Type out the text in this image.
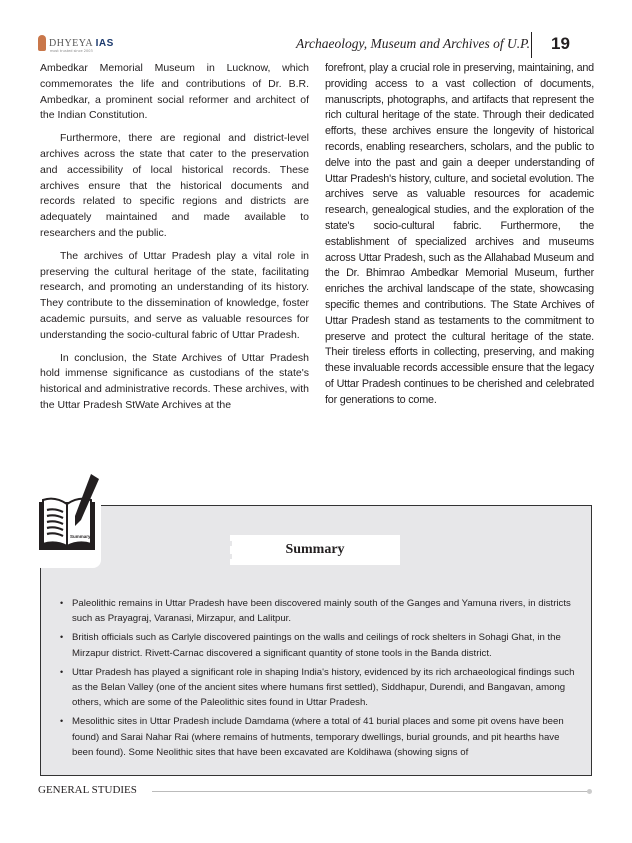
DHYEYA IAS
most trusted since 2003	Archaeology, Museum and Archives of U.P. 19

Ambedkar Memorial Museum in Lucknow, which commemorates the life and contributions of Dr. B.R. Ambedkar, a prominent social reformer and architect of the Indian Constitution.

Furthermore, there are regional and district-level archives across the state that cater to the preservation and accessibility of local historical records. These archives ensure that the historical documents and records related to specific regions and districts are adequately maintained and made available to researchers and the public.

The archives of Uttar Pradesh play a vital role in preserving the cultural heritage of the state, facilitating research, and promoting an understanding of its history. They contribute to the dissemination of knowledge, foster academic pursuits, and serve as valuable resources for understanding the socio-cultural fabric of Uttar Pradesh.

In conclusion, the State Archives of Uttar Pradesh hold immense significance as custodians of the state's historical and administrative records. These archives, with the Uttar Pradesh StWate Archives at the

forefront, play a crucial role in preserving, maintaining, and providing access to a vast collection of documents, manuscripts, photographs, and artifacts that represent the rich cultural heritage of the state. Through their dedicated efforts, these archives ensure the longevity of historical records, enabling researchers, scholars, and the public to delve into the past and gain a deeper understanding of Uttar Pradesh's history, culture, and societal evolution. The archives serve as valuable resources for academic research, genealogical studies, and the exploration of the state's socio-cultural fabric. Furthermore, the establishment of specialized archives and museums across Uttar Pradesh, such as the Allahabad Museum and the Dr. Bhimrao Ambedkar Memorial Museum, further enriches the archival landscape of the state, showcasing specific themes and contributions. The State Archives of Uttar Pradesh stand as testaments to the commitment to preserve and protect the cultural heritage of the state. Their tireless efforts in collecting, preserving, and making these invaluable records accessible ensure that the legacy of Uttar Pradesh continues to be cherished and celebrated for generations to come.

Summary
Summary
• Paleolithic remains in Uttar Pradesh have been discovered mainly south of the Ganges and Yamuna rivers, in districts such as Prayagraj, Varanasi, Mirzapur, and Lalitpur.
• British officials such as Carlyle discovered paintings on the walls and ceilings of rock shelters in Sohagi Ghat, in the Mirzapur district. Rivett-Carnac discovered a significant quantity of stone tools in the Banda district.
• Uttar Pradesh has played a significant role in shaping India's history, evidenced by its rich archaeological findings such as the Belan Valley (one of the ancient sites where humans first settled), Siddhapur, Durendi, and Bangavan, among others, which are some of the Paleolithic sites found in Uttar Pradesh.
• Mesolithic sites in Uttar Pradesh include Damdama (where a total of 41 burial places and some pit ovens have been found) and Sarai Nahar Rai (where remains of hutments, temporary dwellings, burial grounds, and pit hearths have been found). Some Neolithic sites that have been excavated are Koldihawa (showing signs of
GENERAL STUDIES
